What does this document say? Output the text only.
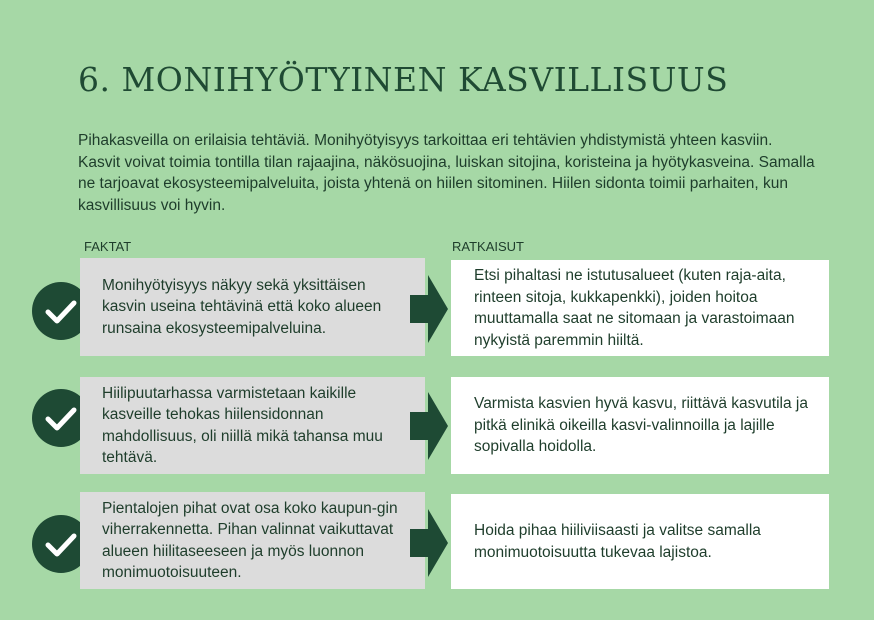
6. MONIHYÖTYINEN KASVILLISUUS

Pihakasveilla on erilaisia tehtäviä. Monihyötyisyys tarkoittaa eri tehtävien yhdistymistä yhteen kasviin. Kasvit voivat toimia tontilla tilan rajaajina, näkösuojina, luiskan sitojina, koristeina ja hyötykasveina. Samalla ne tarjoavat ekosysteemipalveluita, joista yhtenä on hiilen sitominen. Hiilen sidonta toimii parhaiten, kun kasvillisuus voi hyvin.

FAKTAT	RATKAISUT
Monihyötyisyys näkyy sekä yksittäisen kasvin useina tehtävinä että koko alueen runsaina ekosysteemipalveluina.
Etsi pihaltasi ne istutusalueet (kuten raja-aita, rinteen sitoja, kukkapenkki), joiden hoitoa muuttamalla saat ne sitomaan ja varastoimaan nykyistä paremmin hiiltä.
Hiilipuutarhassa varmistetaan kaikille kasveille tehokas hiilensidonnan mahdollisuus, oli niillä mikä tahansa muu tehtävä.
Varmista kasvien hyvä kasvu, riittävä kasvutila ja pitkä elinikä oikeilla kasvi-valinnoilla ja lajille sopivalla hoidolla.
Pientalojen pihat ovat osa koko kaupun-gin viherrakennetta. Pihan valinnat vaikuttavat alueen hiilitaseeseen ja myös luonnon monimuotoisuuteen.
Hoida pihaa hiiliviisaasti ja valitse samalla monimuotoisuutta tukevaa lajistoa.
